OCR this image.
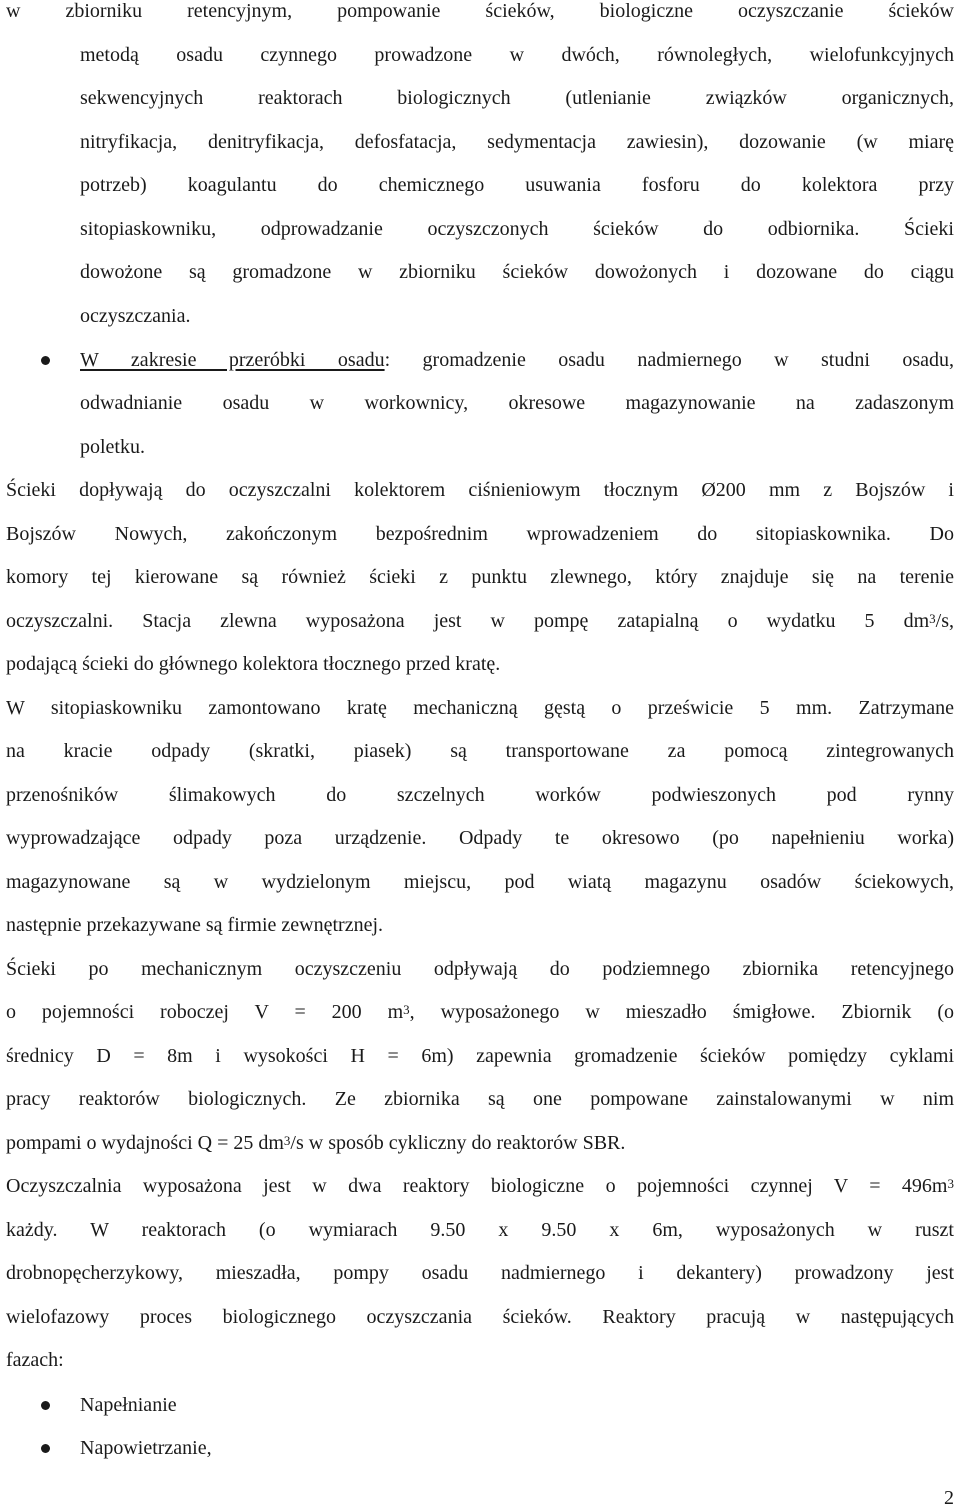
w zbiorniku retencyjnym, pompowanie ścieków, biologiczne oczyszczanie ścieków
metodą osadu czynnego prowadzone w dwóch, równoległych, wielofunkcyjnych
sekwencyjnych reaktorach biologicznych (utlenianie związków organicznych,
nitryfikacja, denitryfikacja, defosfatacja, sedymentacja zawiesin), dozowanie (w miarę
potrzeb) koagulantu do chemicznego usuwania fosforu do kolektora przy
sitopiaskowniku, odprowadzanie oczyszczonych ścieków do odbiornika. Ścieki
dowożone są gromadzone w zbiorniku ścieków dowożonych i dozowane do ciągu
oczyszczania.
W zakresie przeróbki osadu: gromadzenie osadu nadmiernego w studni osadu,
odwadnianie osadu w workownicy, okresowe magazynowanie na zadaszonym
poletku.
Ścieki dopływają do oczyszczalni kolektorem ciśnieniowym tłocznym Ø200 mm z Bojszów i
Bojszów Nowych, zakończonym bezpośrednim wprowadzeniem do sitopiaskownika. Do
komory tej kierowane są również ścieki z punktu zlewnego, który znajduje się na terenie
oczyszczalni. Stacja zlewna wyposażona jest w pompę zatapialną o wydatku 5 $dm^3/s$,
podającą ścieki do głównego kolektora tłocznego przed kratę.
W sitopiaskowniku zamontowano kratę mechaniczną gęstą o prześwicie 5 mm. Zatrzymane
na kracie odpady (skratki, piasek) są transportowane za pomocą zintegrowanych
przenośników ślimakowych do szczelnych worków podwieszonych pod rynny
wyprowadzające odpady poza urządzenie. Odpady te okresowo (po napełnieniu worka)
magazynowane są w wydzielonym miejscu, pod wiatą magazynu osadów ściekowych,
następnie przekazywane są firmie zewnętrznej.
Ścieki po mechanicznym oczyszczeniu odpływają do podziemnego zbiornika retencyjnego
o pojemności roboczej V = 200 $m^3$, wyposażonego w mieszadło śmigłowe. Zbiornik (o
średnicy D = 8m i wysokości H = 6m) zapewnia gromadzenie ścieków pomiędzy cyklami
pracy reaktorów biologicznych. Ze zbiornika są one pompowane zainstalowanymi w nim
pompami o wydajności Q = 25 $dm^3/s$ w sposób cykliczny do reaktorów SBR.
Oczyszczalnia wyposażona jest w dwa reaktory biologiczne o pojemności czynnej $V = 496m^3$
każdy. W reaktorach (o wymiarach 9.50 x 9.50 x 6m, wyposażonych w ruszt
drobnopęcherzykowy, mieszadła, pompy osadu nadmiernego i dekantery) prowadzony jest
wielofazowy proces biologicznego oczyszczania ścieków. Reaktory pracują w następujących
fazach:
Napełnianie
Napowietrzanie,
2
